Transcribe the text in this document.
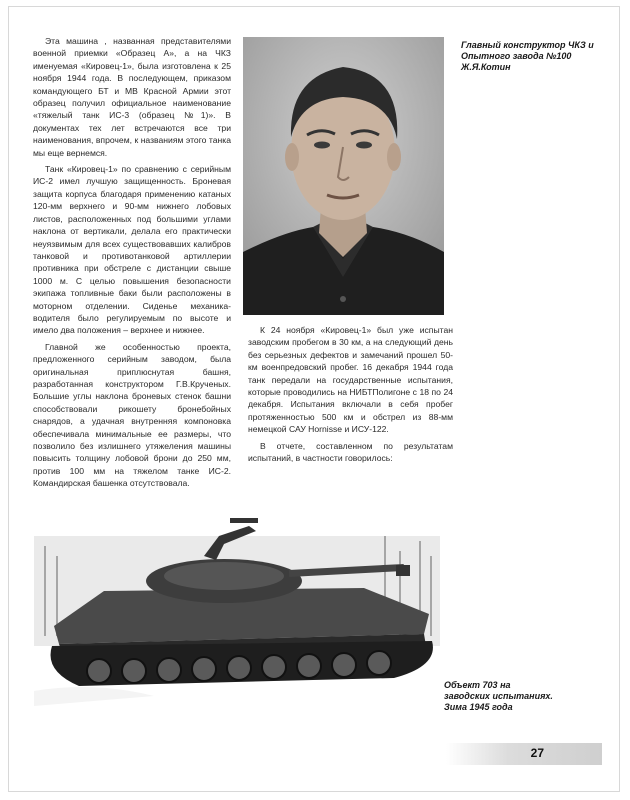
Эта машина , названная представителями военной приемки «Образец А», а на ЧКЗ именуемая «Кировец-1», была изготовлена к 25 ноября 1944 года. В последующем, приказом командующего БТ и МВ Красной Армии этот образец получил официальное наименование «тяжелый танк ИС-3 (образец №1)». В документах тех лет встречаются все три наименования, впрочем, к названиям этого танка мы еще вернемся.

Танк «Кировец-1» по сравнению с серийным ИС-2 имел лучшую защищенность. Броневая защита корпуса благодаря применению катаных 120-мм верхнего и 90-мм нижнего лобовых листов, расположенных под большими углами наклона от вертикали, делала его практически неуязвимым для всех существовавших калибров танковой и противотанковой артиллерии противника при обстреле с дистанции свыше 1000 м. С целью повышения безопасности экипажа топливные баки были расположены в моторном отделении. Сиденье механика-водителя было регулируемым по высоте и имело два положения – верхнее и нижнее.

Главной же особенностью проекта, предложенного серийным заводом, была оригинальная приплюснутая башня, разработанная конструктором Г.В.Крученых. Большие углы наклона броневых стенок башни способствовали рикошету бронебойных снарядов, а удачная внутренняя компоновка обеспечивала минимальные ее размеры, что позволило без излишнего утяжеления машины повысить толщину лобовой брони до 250 мм, против 100 мм на тяжелом танке ИС-2. Командирская башенка отсутствовала.

Главный конструктор ЧКЗ и Опытного завода №100 Ж.Я.Котин

К 24 ноября «Кировец-1» был уже испытан заводским пробегом в 30 км, а на следующий день без серьезных дефектов и замечаний прошел 50-км военпредовский пробег. 16 декабря 1944 года танк передали на государственные испытания, которые проводились на НИБТПолигоне с 18 по 24 декабря. Испытания включали в себя пробег протяженностью 500 км и обстрел из 88-мм немецкой САУ Hornisse и ИСУ-122.

В отчете, составленном по результатам испытаний, в частности говорилось:

Объект 703 на заводских испытаниях. Зима 1945 года
27
